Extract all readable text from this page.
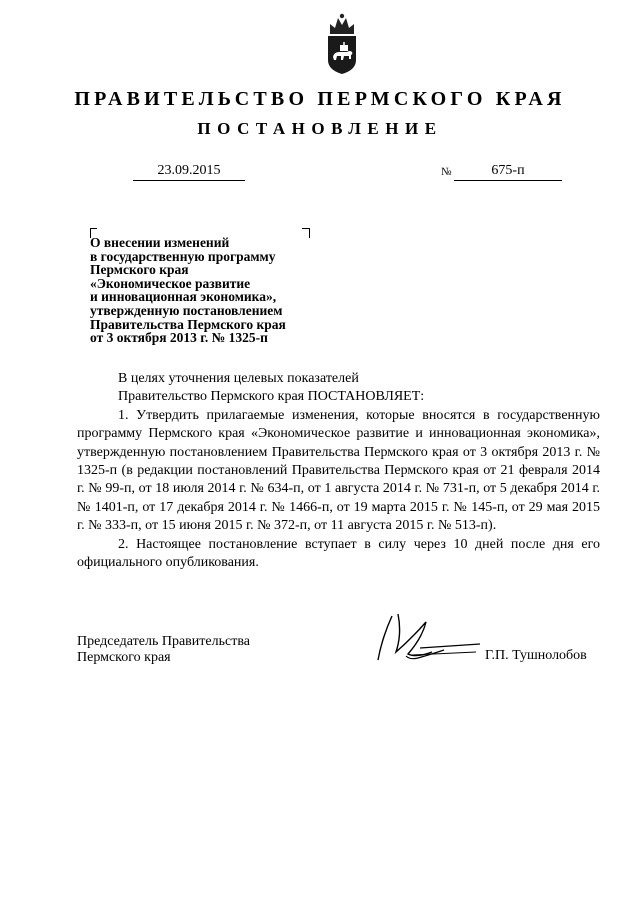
ПРАВИТЕЛЬСТВО ПЕРМСКОГО КРАЯ
ПОСТАНОВЛЕНИЕ
23.09.2015	№	675-п
О внесении изменений
в государственную программу
Пермского края
«Экономическое развитие
и инновационная экономика»,
утвержденную постановлением
Правительства Пермского края
от 3 октября 2013 г. № 1325-п

В целях уточнения целевых показателей

Правительство Пермского края ПОСТАНОВЛЯЕТ:

1. Утвердить прилагаемые изменения, которые вносятся в государственную программу Пермского края «Экономическое развитие и инновационная экономика», утвержденную постановлением Правительства Пермского края от 3 октября 2013 г. № 1325-п (в редакции постановлений Правительства Пермского края от 21 февраля 2014 г. № 99-п, от 18 июля 2014 г. № 634-п, от 1 августа 2014 г. № 731-п, от 5 декабря 2014 г. № 1401-п, от 17 декабря 2014 г. № 1466-п, от 19 марта 2015 г. № 145-п, от 29 мая 2015 г. № 333-п, от 15 июня 2015 г. № 372-п, от 11 августа 2015 г. № 513-п).

2. Настоящее постановление вступает в силу через 10 дней после дня его официального опубликования.

Председатель Правительства
Пермского края	Г.П. Тушнолобов
